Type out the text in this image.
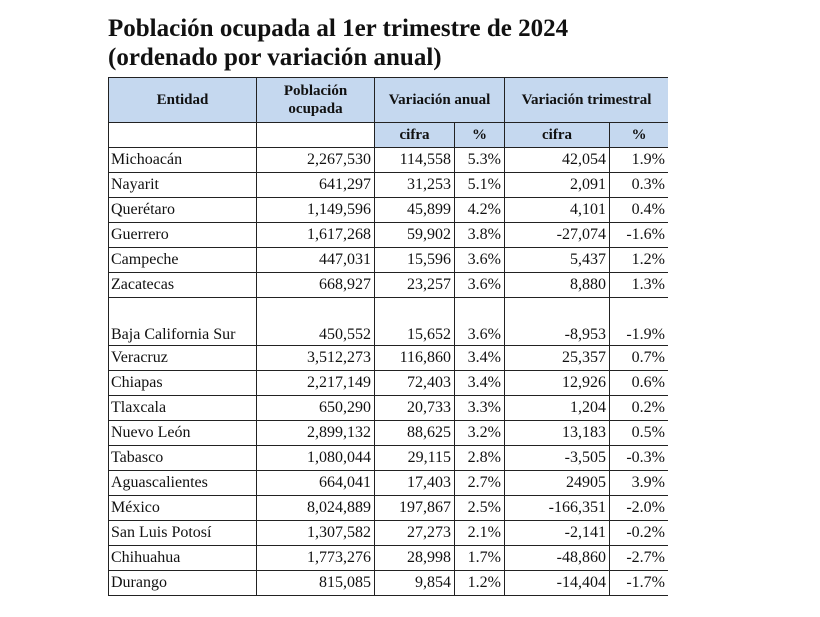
Población ocupada al 1er trimestre de 2024
(ordenado por variación anual)
Entidad	Población ocupada	Variación anual		Variación trimestral	
		cifra	%	cifra	%
Michoacán	2,267,530	114,558	5.3%	42,054	1.9%
Nayarit	641,297	31,253	5.1%	2,091	0.3%
Querétaro	1,149,596	45,899	4.2%	4,101	0.4%
Guerrero	1,617,268	59,902	3.8%	-27,074	-1.6%
Campeche	447,031	15,596	3.6%	5,437	1.2%
Zacatecas	668,927	23,257	3.6%	8,880	1.3%
Baja California Sur	450,552	15,652	3.6%	-8,953	-1.9%
Veracruz	3,512,273	116,860	3.4%	25,357	0.7%
Chiapas	2,217,149	72,403	3.4%	12,926	0.6%
Tlaxcala	650,290	20,733	3.3%	1,204	0.2%
Nuevo León	2,899,132	88,625	3.2%	13,183	0.5%
Tabasco	1,080,044	29,115	2.8%	-3,505	-0.3%
Aguascalientes	664,041	17,403	2.7%	24905	3.9%
México	8,024,889	197,867	2.5%	-166,351	-2.0%
San Luis Potosí	1,307,582	27,273	2.1%	-2,141	-0.2%
Chihuahua	1,773,276	28,998	1.7%	-48,860	-2.7%
Durango	815,085	9,854	1.2%	-14,404	-1.7%
